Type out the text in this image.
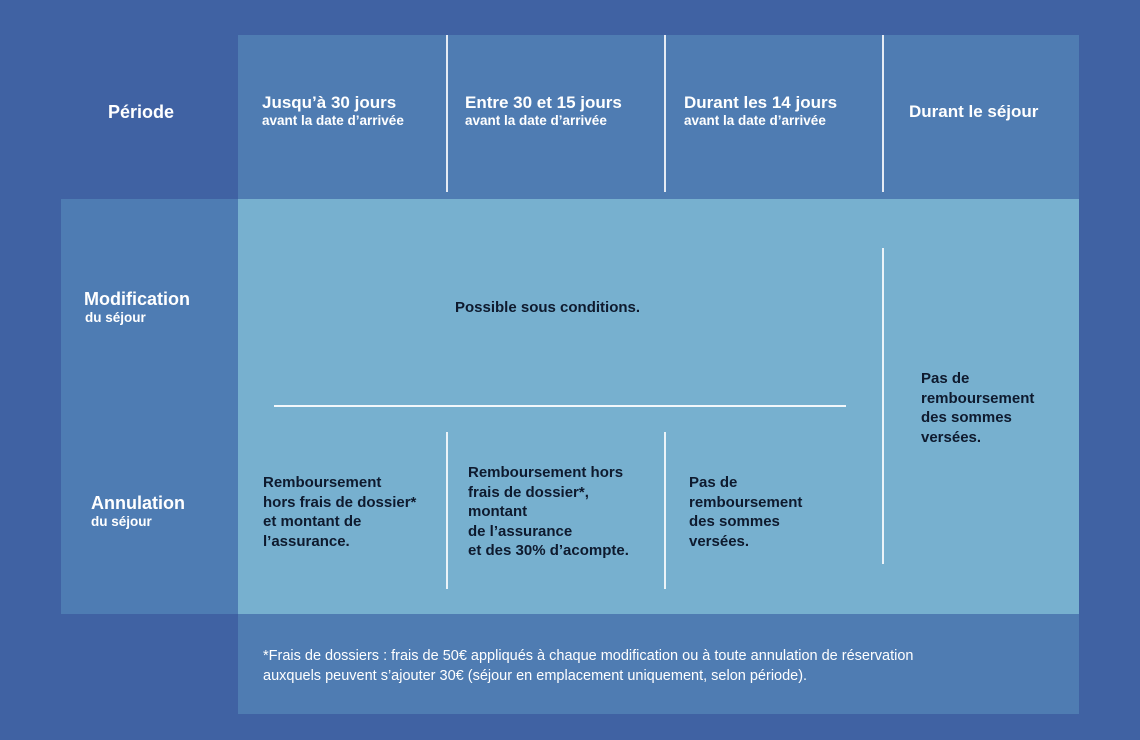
Période	Jusqu’à 30 jours
avant la date d’arrivée
Entre 30 et 15 jours
avant la date d’arrivée
Durant les 14 jours
avant la date d’arrivée	Durant le séjour
Modification
du séjour
Annulation
du séjour
Possible sous conditions.
Pas de
remboursement
des sommes
versées.
Remboursement
hors frais de dossier*
et montant de
l’assurance.
Remboursement hors
frais de dossier*,
montant
de l’assurance
et des 30% d’acompte.
Pas de
remboursement
des sommes
versées.
*Frais de dossiers : frais de 50€ appliqués à chaque modification ou à toute annulation de réservation
auxquels peuvent s’ajouter 30€ (séjour en emplacement uniquement, selon période).
